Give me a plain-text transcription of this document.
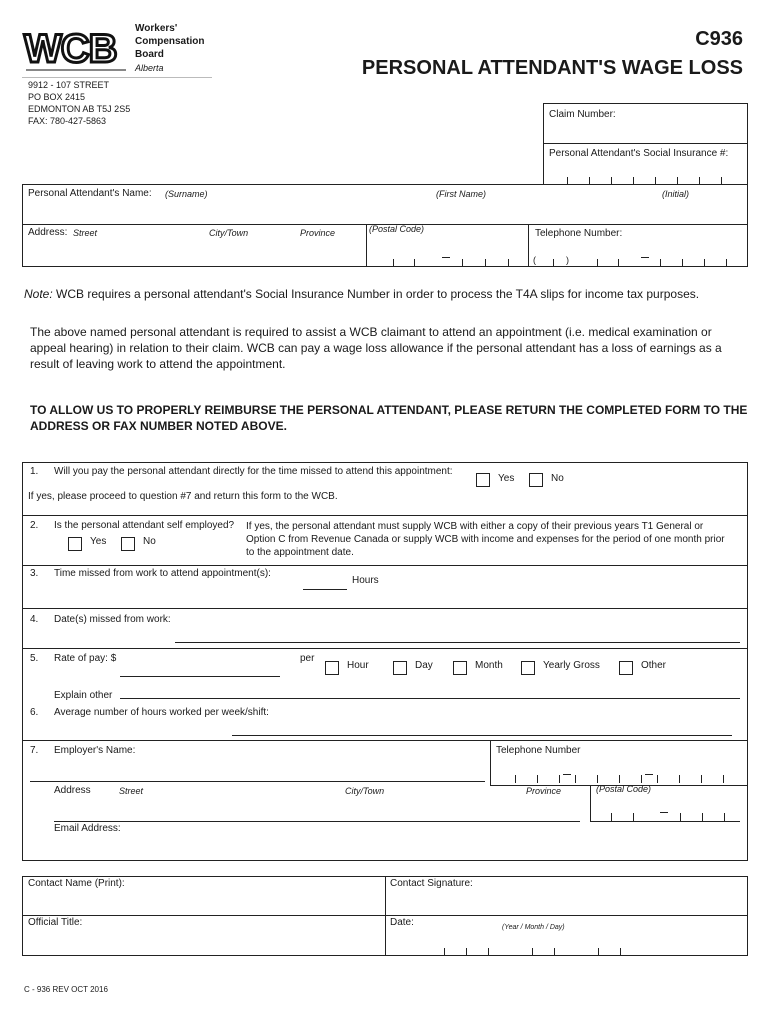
WCB Workers'
Compensation
Board
Alberta
9912 - 107 STREET
PO BOX 2415
EDMONTON AB T5J 2S5
FAX: 780-427-5863
C936
PERSONAL ATTENDANT'S WAGE LOSS
Claim Number:
Personal Attendant's Social Insurance #:
Personal Attendant's Name: (Surname)	(First Name)	(Initial)
Address: Street	City/Town	Province	(Postal Code)	Telephone Number:
(	)
Note: WCB requires a personal attendant's Social Insurance Number in order to process the T4A slips for income tax purposes.
The above named personal attendant is required to assist a WCB claimant to attend an appointment (i.e. medical examination or appeal hearing) in relation to their claim. WCB can pay a wage loss allowance if the personal attendant has a loss of earnings as a result of leaving work to attend the appointment.
TO ALLOW US TO PROPERLY REIMBURSE THE PERSONAL ATTENDANT, PLEASE RETURN THE COMPLETED FORM TO THE ADDRESS OR FAX NUMBER NOTED ABOVE.
1. Will you pay the personal attendant directly for the time missed to attend this appointment:
Yes	No
If yes, please proceed to question #7 and return this form to the WCB.
2. Is the personal attendant self employed?
Yes	No
If yes, the personal attendant must supply WCB with either a copy of their previous years T1 General or Option C from Revenue Canada or supply WCB with income and expenses for the period of one month prior to the appointment date.
3. Time missed from work to attend appointment(s):
Hours
4. Date(s) missed from work:
5. Rate of pay: $	per
Hour	Day	Month	Yearly Gross	Other
Explain other
6. Average number of hours worked per week/shift:
7. Employer's Name:	Telephone Number
Address	Street	City/Town	Province	(Postal Code)
Email Address:
Contact Name (Print):	Contact Signature:
Official Title:	Date:	(Year / Month / Day)
C - 936 REV OCT 2016
